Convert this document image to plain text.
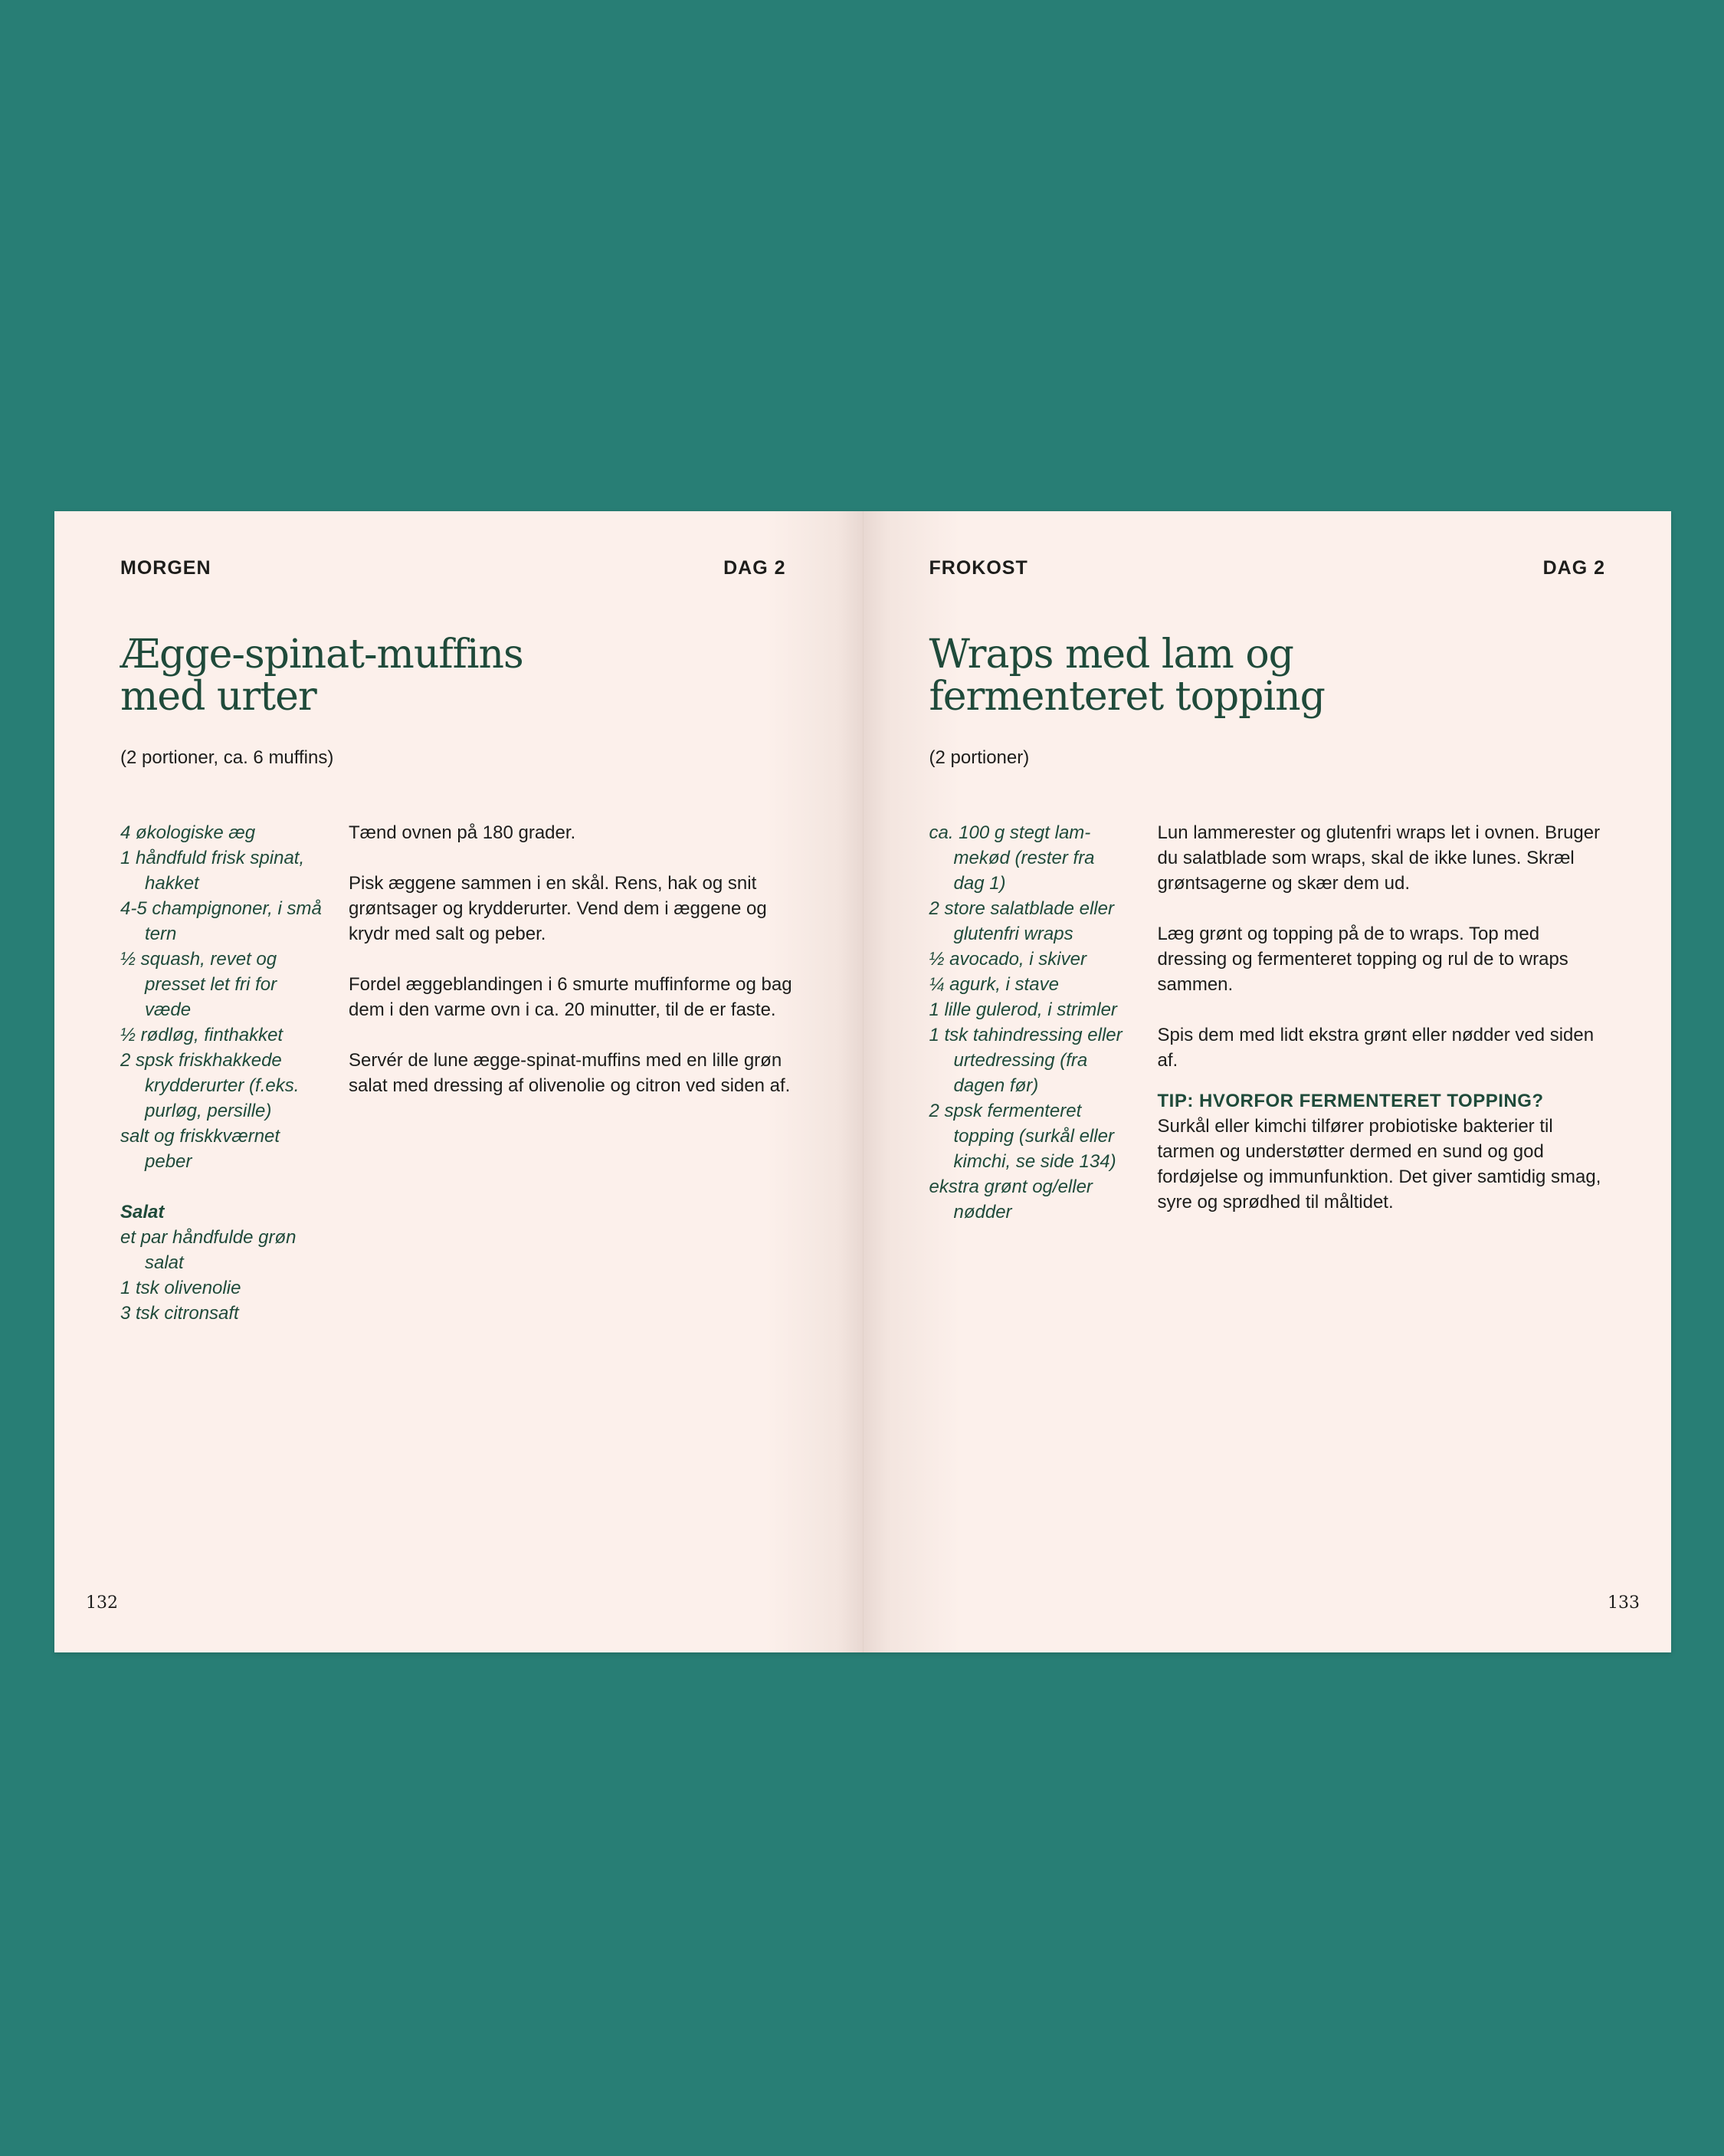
MORGEN	DAG 2
Ægge-spinat-muffins med urter
(2 portioner, ca. 6 muffins)
4 økologiske æg
1 håndfuld frisk spinat, hakket
4-5 champignoner, i små tern
½ squash, revet og presset let fri for væde
½ rødløg, finthakket
2 spsk friskhakkede krydderurter (f.eks. purløg, persille)
salt og friskkværnet peber
Salat
et par håndfulde grøn salat
1 tsk olivenolie
3 tsk citronsaft

Tænd ovnen på 180 grader.

Pisk æggene sammen i en skål. Rens, hak og snit grøntsager og krydderurter. Vend dem i æggene og krydr med salt og peber.

Fordel æggeblandingen i 6 smurte muffinforme og bag dem i den varme ovn i ca. 20 minutter, til de er faste.

Servér de lune ægge-spinat-muffins med en lille grøn salat med dressing af olivenolie og citron ved siden af.

132
FROKOST	DAG 2
Wraps med lam og fermenteret topping
(2 portioner)
ca. 100 g stegt lammekød (rester fra dag 1)
2 store salatblade eller glutenfri wraps
½ avocado, i skiver
¼ agurk, i stave
1 lille gulerod, i strimler
1 tsk tahindressing eller urtedressing (fra dagen før)
2 spsk fermenteret topping (surkål eller kimchi, se side 134)
ekstra grønt og/eller nødder

Lun lammerester og glutenfri wraps let i ovnen. Bruger du salatblade som wraps, skal de ikke lunes. Skræl grøntsagerne og skær dem ud.

Læg grønt og topping på de to wraps. Top med dressing og fermenteret topping og rul de to wraps sammen.

Spis dem med lidt ekstra grønt eller nødder ved siden af.

TIP: HVORFOR FERMENTERET TOPPING?

Surkål eller kimchi tilfører probiotiske bakterier til tarmen og understøtter dermed en sund og god fordøjelse og immunfunktion. Det giver samtidig smag, syre og sprødhed til måltidet.

133
